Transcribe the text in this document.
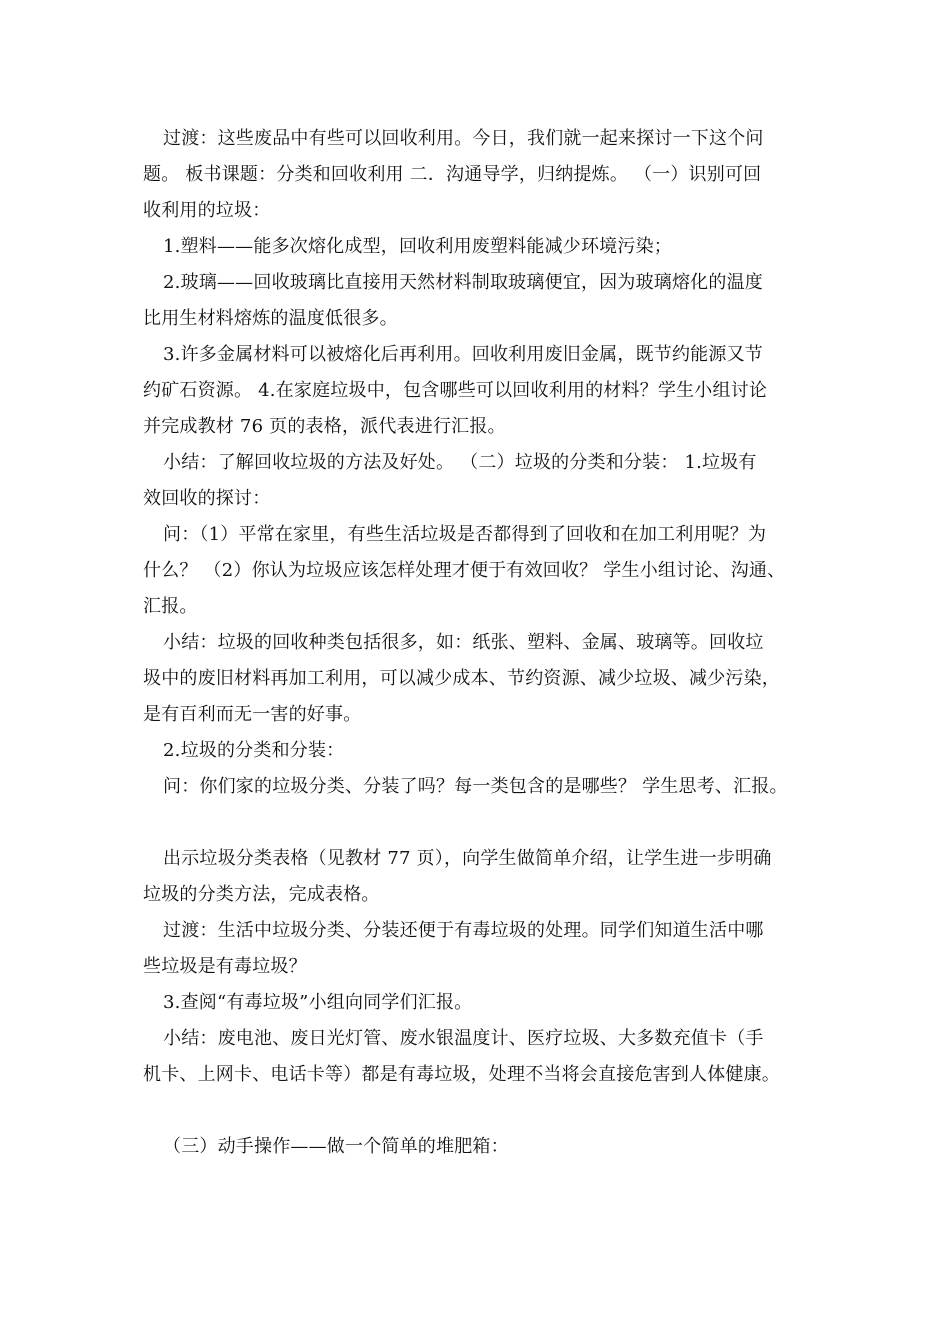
过渡：这些废品中有些可以回收利用。今日，我们就一起来探讨一下这个问
题。 板书课题：分类和回收利用 二．沟通导学，归纳提炼。 （一）识别可回
收利用的垃圾：
1.塑料——能多次熔化成型，回收利用废塑料能减少环境污染；
2.玻璃——回收玻璃比直接用天然材料制取玻璃便宜，因为玻璃熔化的温度
比用生材料熔炼的温度低很多。
3.许多金属材料可以被熔化后再利用。回收利用废旧金属，既节约能源又节
约矿石资源。 4.在家庭垃圾中，包含哪些可以回收利用的材料？学生小组讨论
并完成教材 76 页的表格，派代表进行汇报。
小结：了解回收垃圾的方法及好处。 （二）垃圾的分类和分装： 1.垃圾有
效回收的探讨：
问：（1）平常在家里，有些生活垃圾是否都得到了回收和在加工利用呢？为
什么？ （2）你认为垃圾应该怎样处理才便于有效回收？ 学生小组讨论、沟通、
汇报。
小结：垃圾的回收种类包括很多，如：纸张、塑料、金属、玻璃等。回收垃
圾中的废旧材料再加工利用，可以减少成本、节约资源、减少垃圾、减少污染，
是有百利而无一害的好事。
2.垃圾的分类和分装：
问：你们家的垃圾分类、分装了吗？每一类包含的是哪些？ 学生思考、汇报。
出示垃圾分类表格（见教材 77 页），向学生做简单介绍，让学生进一步明确
垃圾的分类方法，完成表格。
过渡：生活中垃圾分类、分装还便于有毒垃圾的处理。同学们知道生活中哪
些垃圾是有毒垃圾？
3.查阅“有毒垃圾”小组向同学们汇报。
小结：废电池、废日光灯管、废水银温度计、医疗垃圾、大多数充值卡（手
机卡、上网卡、电话卡等）都是有毒垃圾，处理不当将会直接危害到人体健康。
（三）动手操作——做一个简单的堆肥箱：
